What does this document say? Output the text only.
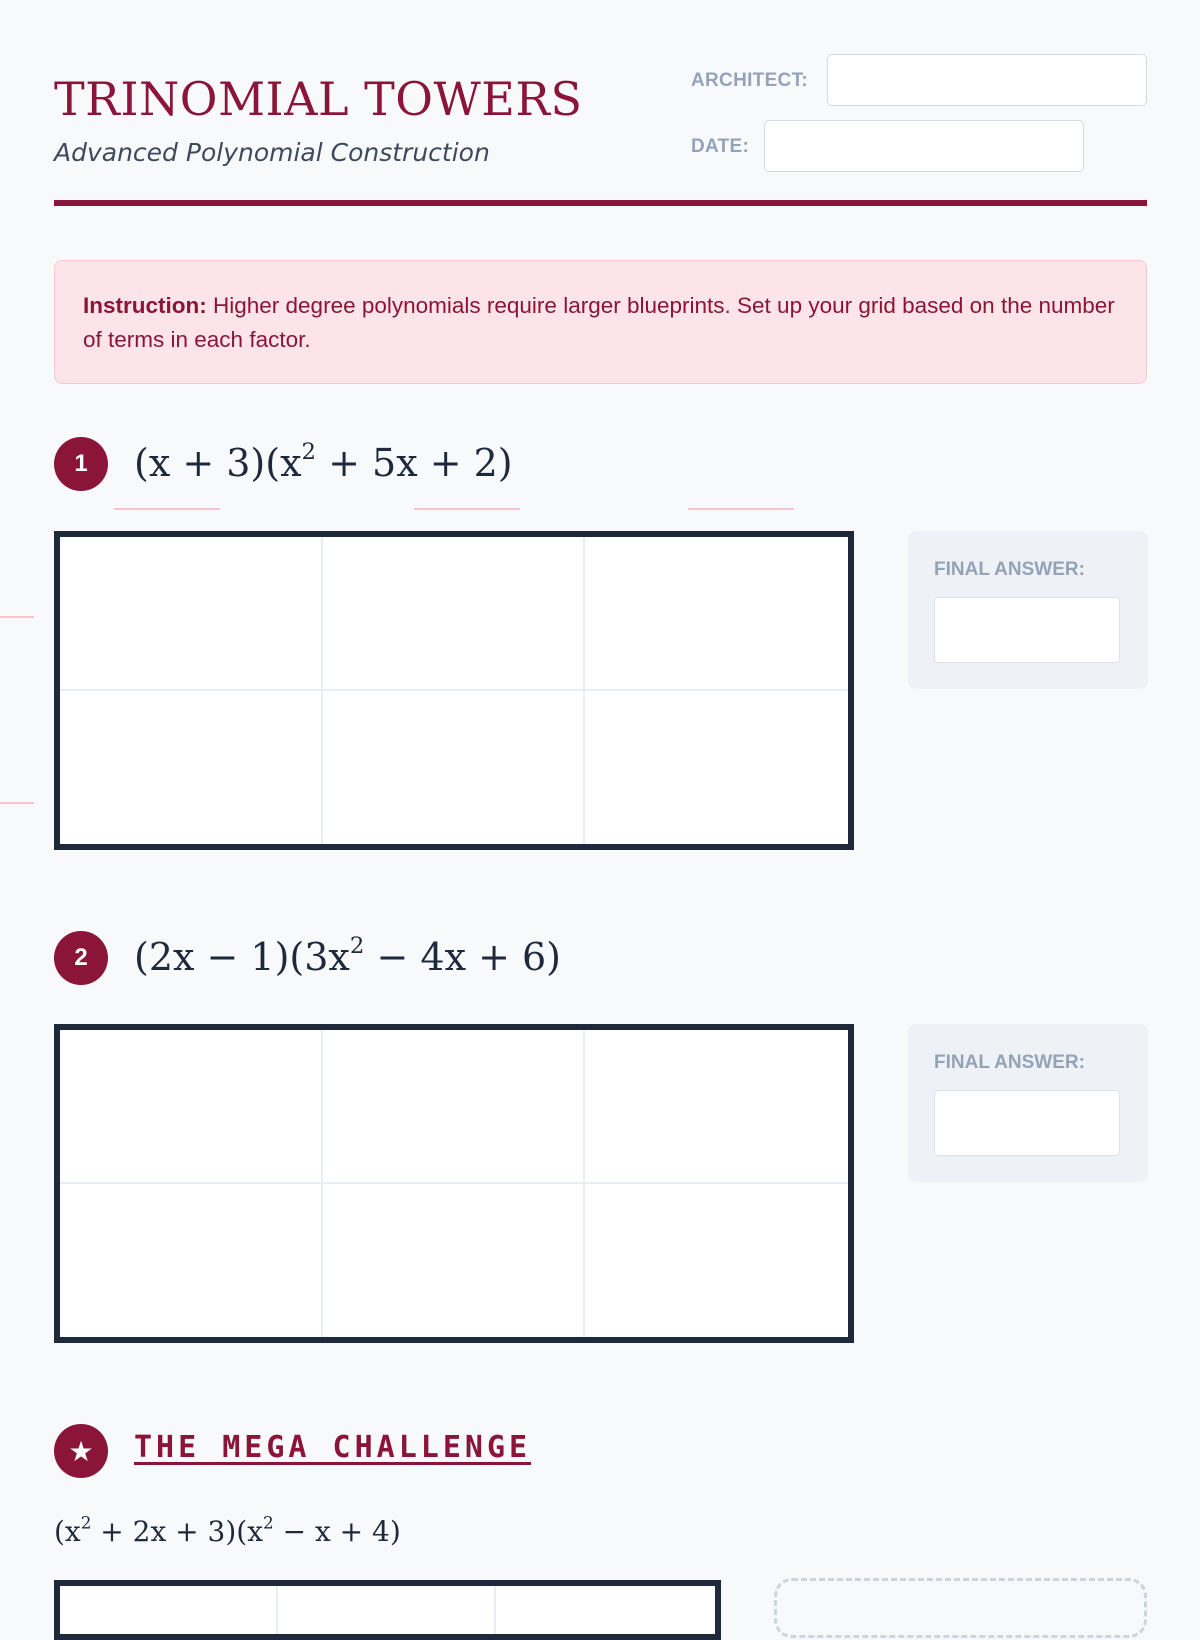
TRINOMIAL TOWERS
Advanced Polynomial Construction
ARCHITECT:
DATE:
Instruction: Higher degree polynomials require larger blueprints. Set up your grid based on the number of terms in each factor.
1	$(x + 3)(x^2 + 5x + 2)$
FINAL ANSWER:
2	$(2x - 1)(3x^2 - 4x + 6)$
FINAL ANSWER:
★	THE MEGA CHALLENGE
$(x^2 + 2x + 3)(x^2 - x + 4)$
